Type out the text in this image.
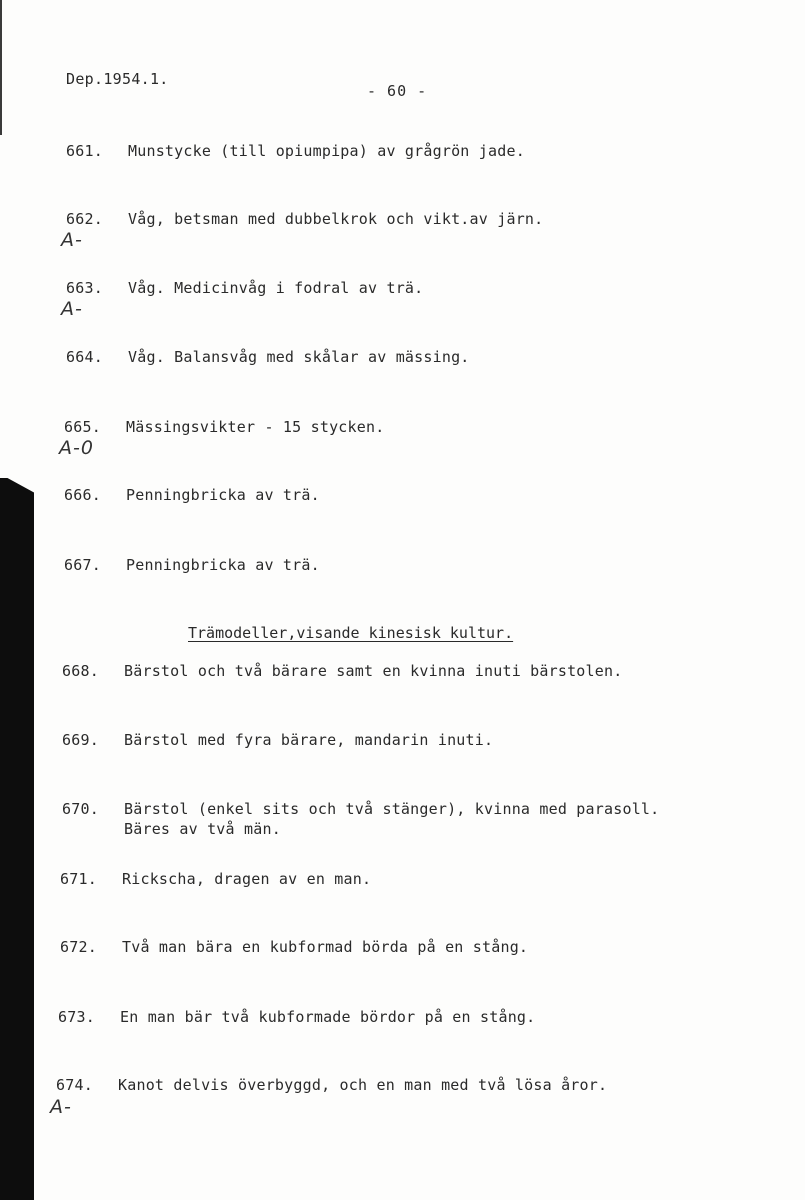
Dep.1954.1.
- 60 -
661. Munstycke (till opiumpipa) av grågrön jade.
662. Våg, betsman med dubbelkrok och vikt.av järn.
A-
663. Våg. Medicinvåg i fodral av trä.
A-
664. Våg. Balansvåg med skålar av mässing.
665. Mässingsvikter - 15 stycken.
A-0
666. Penningbricka av trä.
667. Penningbricka av trä.
Trämodeller,visande kinesisk kultur.
668. Bärstol och två bärare samt en kvinna inuti bärstolen.
669. Bärstol med fyra bärare, mandarin inuti.
670. Bärstol (enkel sits och två stänger), kvinna med parasoll.
Bäres av två män.
671. Rickscha, dragen av en man.
672. Två man bära en kubformad börda på en stång.
673. En man bär två kubformade bördor på en stång.
674. Kanot delvis överbyggd, och en man med två lösa åror.
A-
